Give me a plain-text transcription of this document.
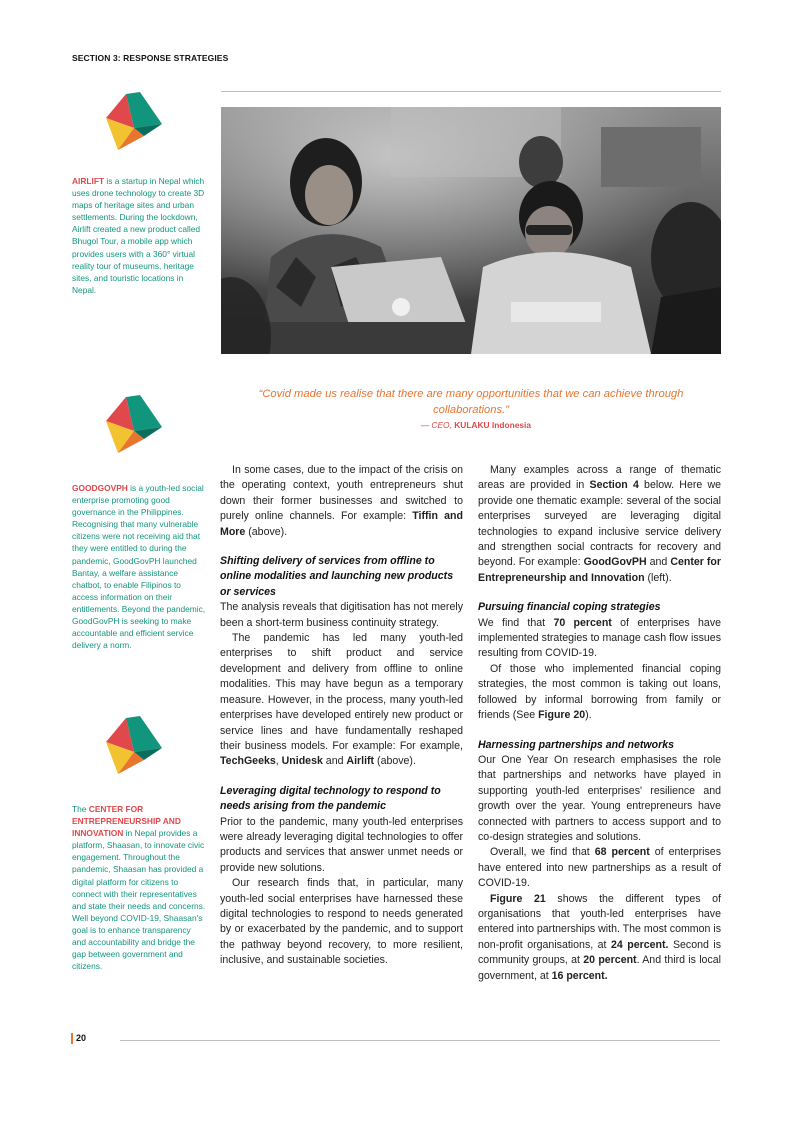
SECTION 3: RESPONSE STRATEGIES
AIRLIFT is a startup in Nepal which uses drone technology to create 3D maps of heritage sites and urban settlements. During the lockdown, Airlift created a new product called Bhugol Tour, a mobile app which provides users with a 360° virtual reality tour of museums, heritage sites, and touristic locations in Nepal.
GOODGOVPH is a youth-led social enterprise promoting good governance in the Philippines. Recognising that many vulnerable citizens were not receiving aid that they were entitled to during the pandemic, GoodGovPH launched Bantay, a welfare assistance chatbot, to enable Filipinos to access information on their entitlements. Beyond the pandemic, GoodGovPH is seeking to make accountable and efficient service delivery a norm.
The CENTER FOR ENTREPRENEURSHIP AND INNOVATION in Nepal provides a platform, Shaasan, to innovate civic engagement. Throughout the pandemic, Shaasan has provided a digital platform for citizens to connect with their representatives and state their needs and concerns. Well beyond COVID-19, Shaasan's goal is to enhance transparency and accountability and bridge the gap between government and citizens.
“Covid made us realise that there are many opportunities that we can achieve through collaborations.”
— CEO, KULAKU Indonesia

In some cases, due to the impact of the crisis on the operating context, youth entrepreneurs shut down their former businesses and switched to purely online channels. For example: Tiffin and More (above).

Shifting delivery of services from offline to online modalities and launching new products or services

The analysis reveals that digitisation has not merely been a short-term business continuity strategy.

The pandemic has led many youth-led enterprises to shift product and service development and delivery from offline to online modalities. This may have begun as a temporary measure. However, in the process, many youth-led enterprises have developed entirely new product or service lines and have fundamentally reshaped their business models. For example: For example, TechGeeks, Unidesk and Airlift (above).

Leveraging digital technology to respond to needs arising from the pandemic

Prior to the pandemic, many youth-led enterprises were already leveraging digital technologies to offer products and services that answer unmet needs or provide new solutions.

Our research finds that, in particular, many youth-led social enterprises have harnessed these digital technologies to respond to needs generated by or exacerbated by the pandemic, and to support the pathway beyond recovery, to more resilient, inclusive, and sustainable societies.

Many examples across a range of thematic areas are provided in Section 4 below. Here we provide one thematic example: several of the social enterprises surveyed are leveraging digital technologies to expand inclusive service delivery and strengthen social contracts for recovery and beyond. For example: GoodGovPH and Center for Entrepreneurship and Innovation (left).

Pursuing financial coping strategies

We find that 70 percent of enterprises have implemented strategies to manage cash flow issues resulting from COVID-19.

Of those who implemented financial coping strategies, the most common is taking out loans, followed by informal borrowing from family or friends (See Figure 20).

Harnessing partnerships and networks

Our One Year On research emphasises the role that partnerships and networks have played in supporting youth-led enterprises' resilience and growth over the year. Young entrepreneurs have connected with partners to access support and to co-design strategies and solutions.

Overall, we find that 68 percent of enterprises have entered into new partnerships as a result of COVID-19.

Figure 21 shows the different types of organisations that youth-led enterprises have entered into partnerships with. The most common is non-profit organisations, at 24 percent. Second is community groups, at 20 percent. And third is local government, at 16 percent.

20
